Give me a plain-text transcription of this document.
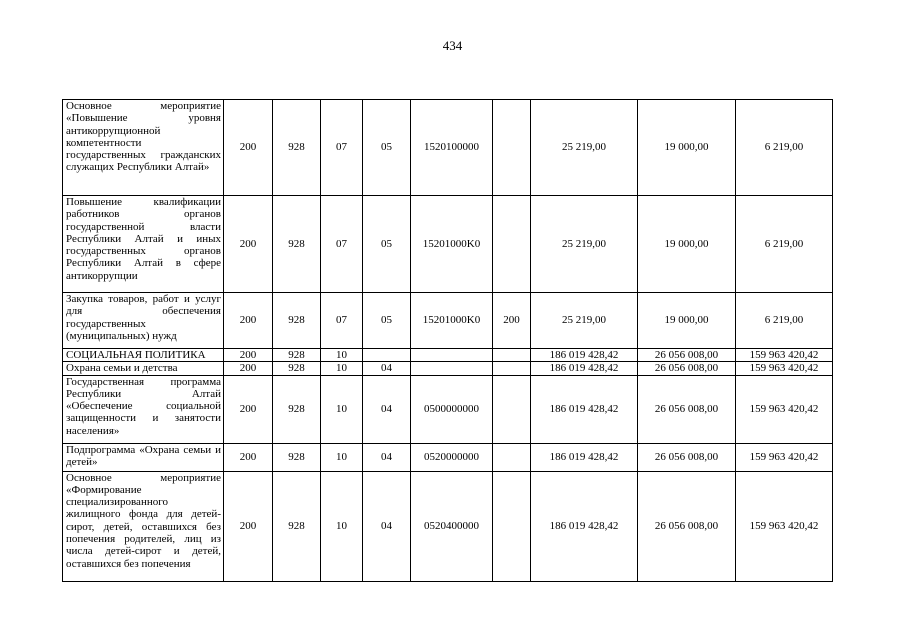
434
Основное мероприятие «Повышение уровня антикоррупционной компетентности государственных гражданских служащих Республики Алтай»	200	928	07	05	1520100000		25 219,00	19 000,00	6 219,00
Повышение квалификации работников органов государственной власти Республики Алтай и иных государственных органов Республики Алтай в сфере антикоррупции	200	928	07	05	15201000K0		25 219,00	19 000,00	6 219,00
Закупка товаров, работ и услуг для обеспечения государственных (муниципальных) нужд	200	928	07	05	15201000K0	200	25 219,00	19 000,00	6 219,00
СОЦИАЛЬНАЯ ПОЛИТИКА	200	928	10				186 019 428,42	26 056 008,00	159 963 420,42
Охрана семьи и детства	200	928	10	04			186 019 428,42	26 056 008,00	159 963 420,42
Государственная программа Республики Алтай «Обеспечение социальной защищенности и занятости населения»	200	928	10	04	0500000000		186 019 428,42	26 056 008,00	159 963 420,42
Подпрограмма «Охрана семьи и детей»	200	928	10	04	0520000000		186 019 428,42	26 056 008,00	159 963 420,42
Основное мероприятие «Формирование специализированного жилищного фонда для детей-сирот, детей, оставшихся без попечения родителей, лиц из числа детей-сирот и детей, оставшихся без попечения	200	928	10	04	0520400000		186 019 428,42	26 056 008,00	159 963 420,42
